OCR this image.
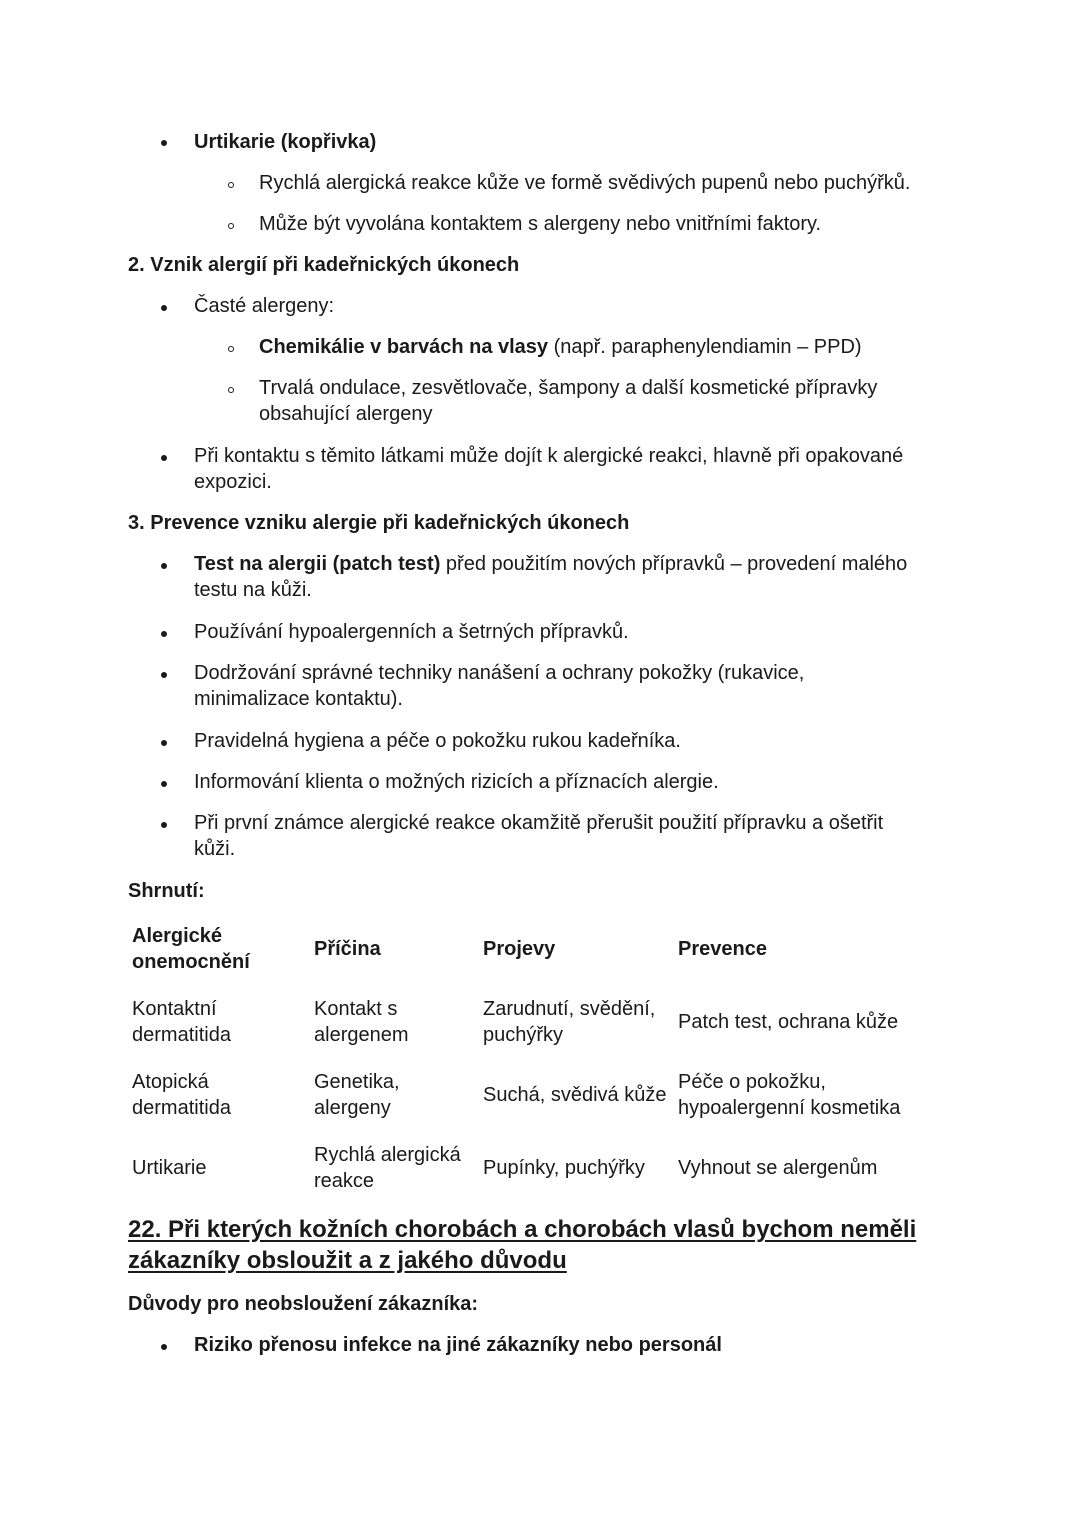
Urtikarie (kopřivka)
Rychlá alergická reakce kůže ve formě svědivých pupenů nebo puchýřků.
Může být vyvolána kontaktem s alergeny nebo vnitřními faktory.
2. Vznik alergií při kadeřnických úkonech
Časté alergeny:
Chemikálie v barvách na vlasy (např. paraphenylendiamin – PPD)
Trvalá ondulace, zesvětlovače, šampony a další kosmetické přípravky
obsahující alergeny
Při kontaktu s těmito látkami může dojít k alergické reakci, hlavně při opakované
expozici.
3. Prevence vzniku alergie při kadeřnických úkonech
Test na alergii (patch test) před použitím nových přípravků – provedení malého
testu na kůži.
Používání hypoalergenních a šetrných přípravků.
Dodržování správné techniky nanášení a ochrany pokožky (rukavice,
minimalizace kontaktu).
Pravidelná hygiena a péče o pokožku rukou kadeřníka.
Informování klienta o možných rizicích a příznacích alergie.
Při první známce alergické reakce okamžitě přerušit použití přípravku a ošetřit
kůži.
Shrnutí:
Alergické
onemocnění
Příčina	Projevy	Prevence
Kontaktní
dermatitida
Kontakt s
alergenem
Zarudnutí, svědění,
puchýřky
Patch test, ochrana kůže
Atopická
dermatitida
Genetika,
alergeny
Suchá, svědivá kůže
Péče o pokožku,
hypoalergenní kosmetika
Urtikarie
Rychlá alergická
reakce
Pupínky, puchýřky Vyhnout se alergenům
22. Při kterých kožních chorobách a chorobách vlasů bychom neměli
zákazníky obsloužit a z jakého důvodu
Důvody pro neobsloužení zákazníka:
Riziko přenosu infekce na jiné zákazníky nebo personál
